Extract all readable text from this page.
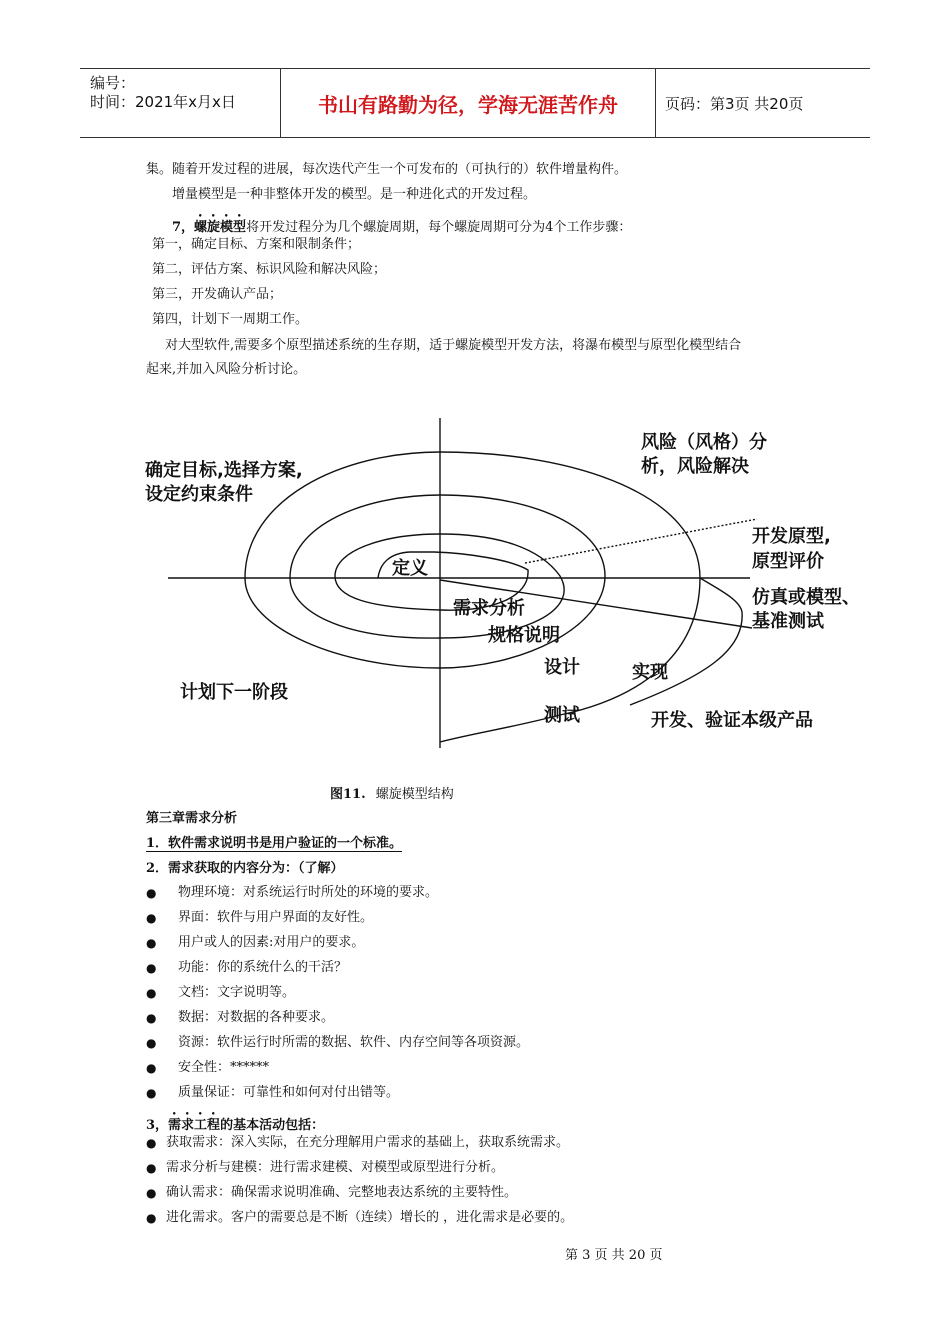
编号：
时间：2021年x月x日	书山有路勤为径，学海无涯苦作舟	页码：第3页 共20页
集。随着开发过程的进展，每次迭代产生一个可发布的（可执行的）软件增量构件。
增量模型是一种非整体开发的模型。是一种进化式的开发过程。
7，螺旋模型将开发过程分为几个螺旋周期，每个螺旋周期可分为4个工作步骤：
第一，确定目标、方案和限制条件；
第二，评估方案、标识风险和解决风险；
第三，开发确认产品；
第四，计划下一周期工作。
对大型软件,需要多个原型描述系统的生存期，适于螺旋模型开发方法，将瀑布模型与原型化模型结合
起来,并加入风险分析讨论。
确定目标,选择方案,
设定约束条件
风险（风格）分
析，风险解决
开发原型,
原型评价
仿真或模型、
基准测试
定义
需求分析
规格说明
设计	实现
测试
计划下一阶段
开发、验证本级产品
图11. 螺旋模型结构
第三章需求分析
1．软件需求说明书是用户验证的一个标准。
2．需求获取的内容分为：（了解）
● 物理环境：对系统运行时所处的环境的要求。
● 界面：软件与用户界面的友好性。
● 用户或人的因素:对用户的要求。
● 功能：你的系统什么的干活？
● 文档：文字说明等。
● 数据：对数据的各种要求。
● 资源：软件运行时所需的数据、软件、内存空间等各项资源。
● 安全性：******
● 质量保证：可靠性和如何对付出错等。
3，需求工程的基本活动包括：
● 获取需求：深入实际，在充分理解用户需求的基础上，获取系统需求。
● 需求分析与建模：进行需求建模、对模型或原型进行分析。
● 确认需求：确保需求说明准确、完整地表达系统的主要特性。
● 进化需求。客户的需要总是不断（连续）增长的 ，进化需求是必要的。
第 3 页 共 20 页
